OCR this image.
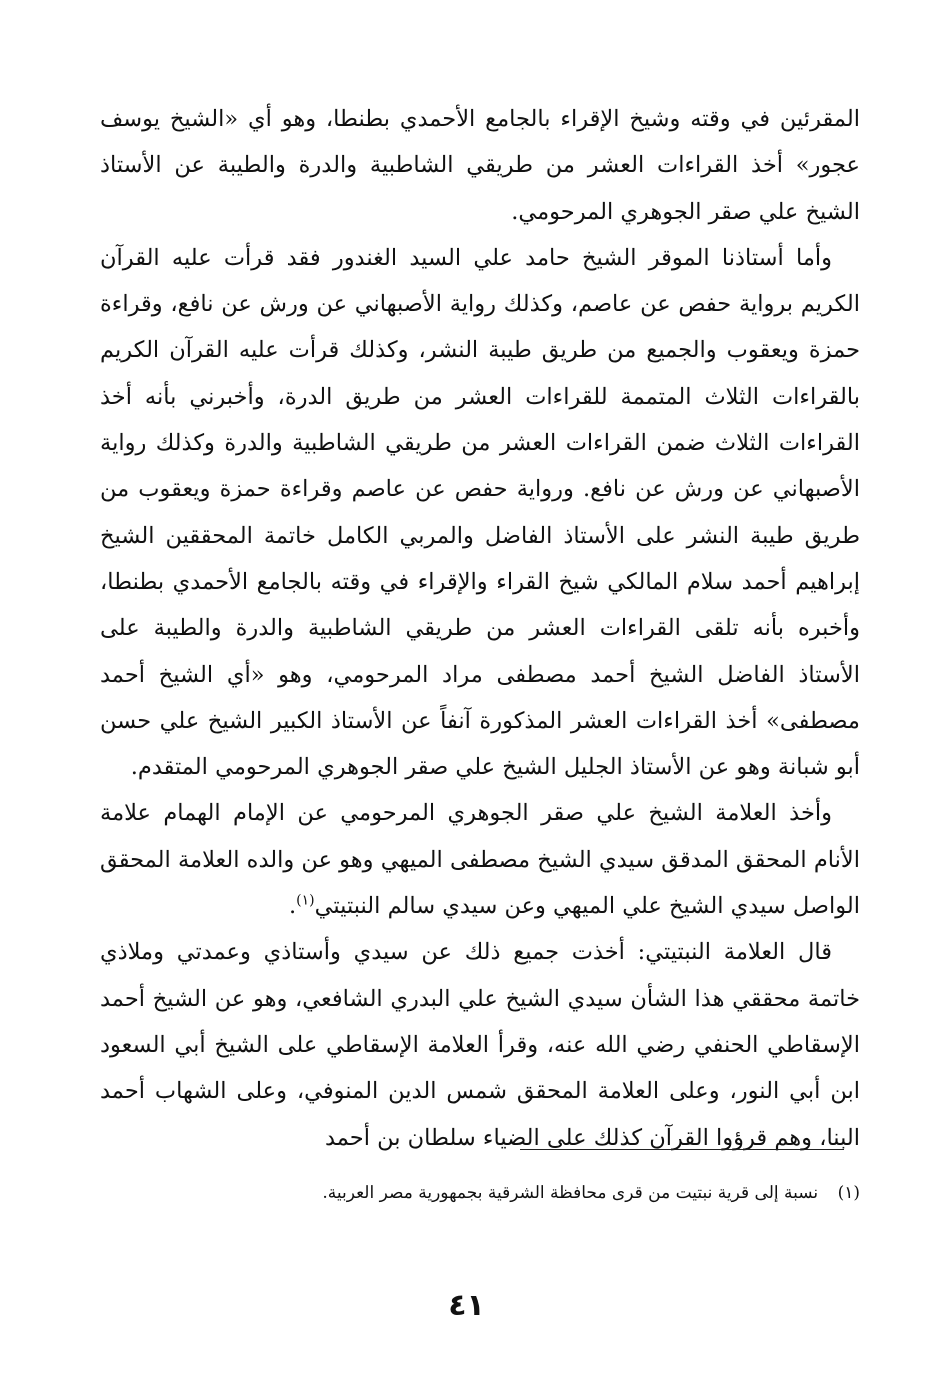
المقرئين في وقته وشيخ الإقراء بالجامع الأحمدي بطنطا، وهو أي «الشيخ يوسف عجور» أخذ القراءات العشر من طريقي الشاطبية والدرة والطيبة عن الأستاذ الشيخ علي صقر الجوهري المرحومي.

وأما أستاذنا الموقر الشيخ حامد علي السيد الغندور فقد قرأت عليه القرآن الكريم برواية حفص عن عاصم، وكذلك رواية الأصبهاني عن ورش عن نافع، وقراءة حمزة ويعقوب والجميع من طريق طيبة النشر، وكذلك قرأت عليه القرآن الكريم بالقراءات الثلاث المتممة للقراءات العشر من طريق الدرة، وأخبرني بأنه أخذ القراءات الثلاث ضمن القراءات العشر من طريقي الشاطبية والدرة وكذلك رواية الأصبهاني عن ورش عن نافع. ورواية حفص عن عاصم وقراءة حمزة ويعقوب من طريق طيبة النشر على الأستاذ الفاضل والمربي الكامل خاتمة المحققين الشيخ إبراهيم أحمد سلام المالكي شيخ القراء والإقراء في وقته بالجامع الأحمدي بطنطا، وأخبره بأنه تلقى القراءات العشر من طريقي الشاطبية والدرة والطيبة على الأستاذ الفاضل الشيخ أحمد مصطفى مراد المرحومي، وهو «أي الشيخ أحمد مصطفى» أخذ القراءات العشر المذكورة آنفاً عن الأستاذ الكبير الشيخ علي حسن أبو شبانة وهو عن الأستاذ الجليل الشيخ علي صقر الجوهري المرحومي المتقدم.

وأخذ العلامة الشيخ علي صقر الجوهري المرحومي عن الإمام الهمام علامة الأنام المحقق المدقق سيدي الشيخ مصطفى الميهي وهو عن والده العلامة المحقق الواصل سيدي الشيخ علي الميهي وعن سيدي سالم النبتيتي$^{(١)}$.

قال العلامة النبتيتي: أخذت جميع ذلك عن سيدي وأستاذي وعمدتي وملاذي خاتمة محققي هذا الشأن سيدي الشيخ علي البدري الشافعي، وهو عن الشيخ أحمد الإسقاطي الحنفي رضي الله عنه، وقرأ العلامة الإسقاطي على الشيخ أبي السعود ابن أبي النور، وعلى العلامة المحقق شمس الدين المنوفي، وعلى الشهاب أحمد البنا، وهم قرؤوا القرآن كذلك على الضياء سلطان بن أحمد

(١) نسبة إلى قرية نبتيت من قرى محافظة الشرقية بجمهورية مصر العربية.
٤١
